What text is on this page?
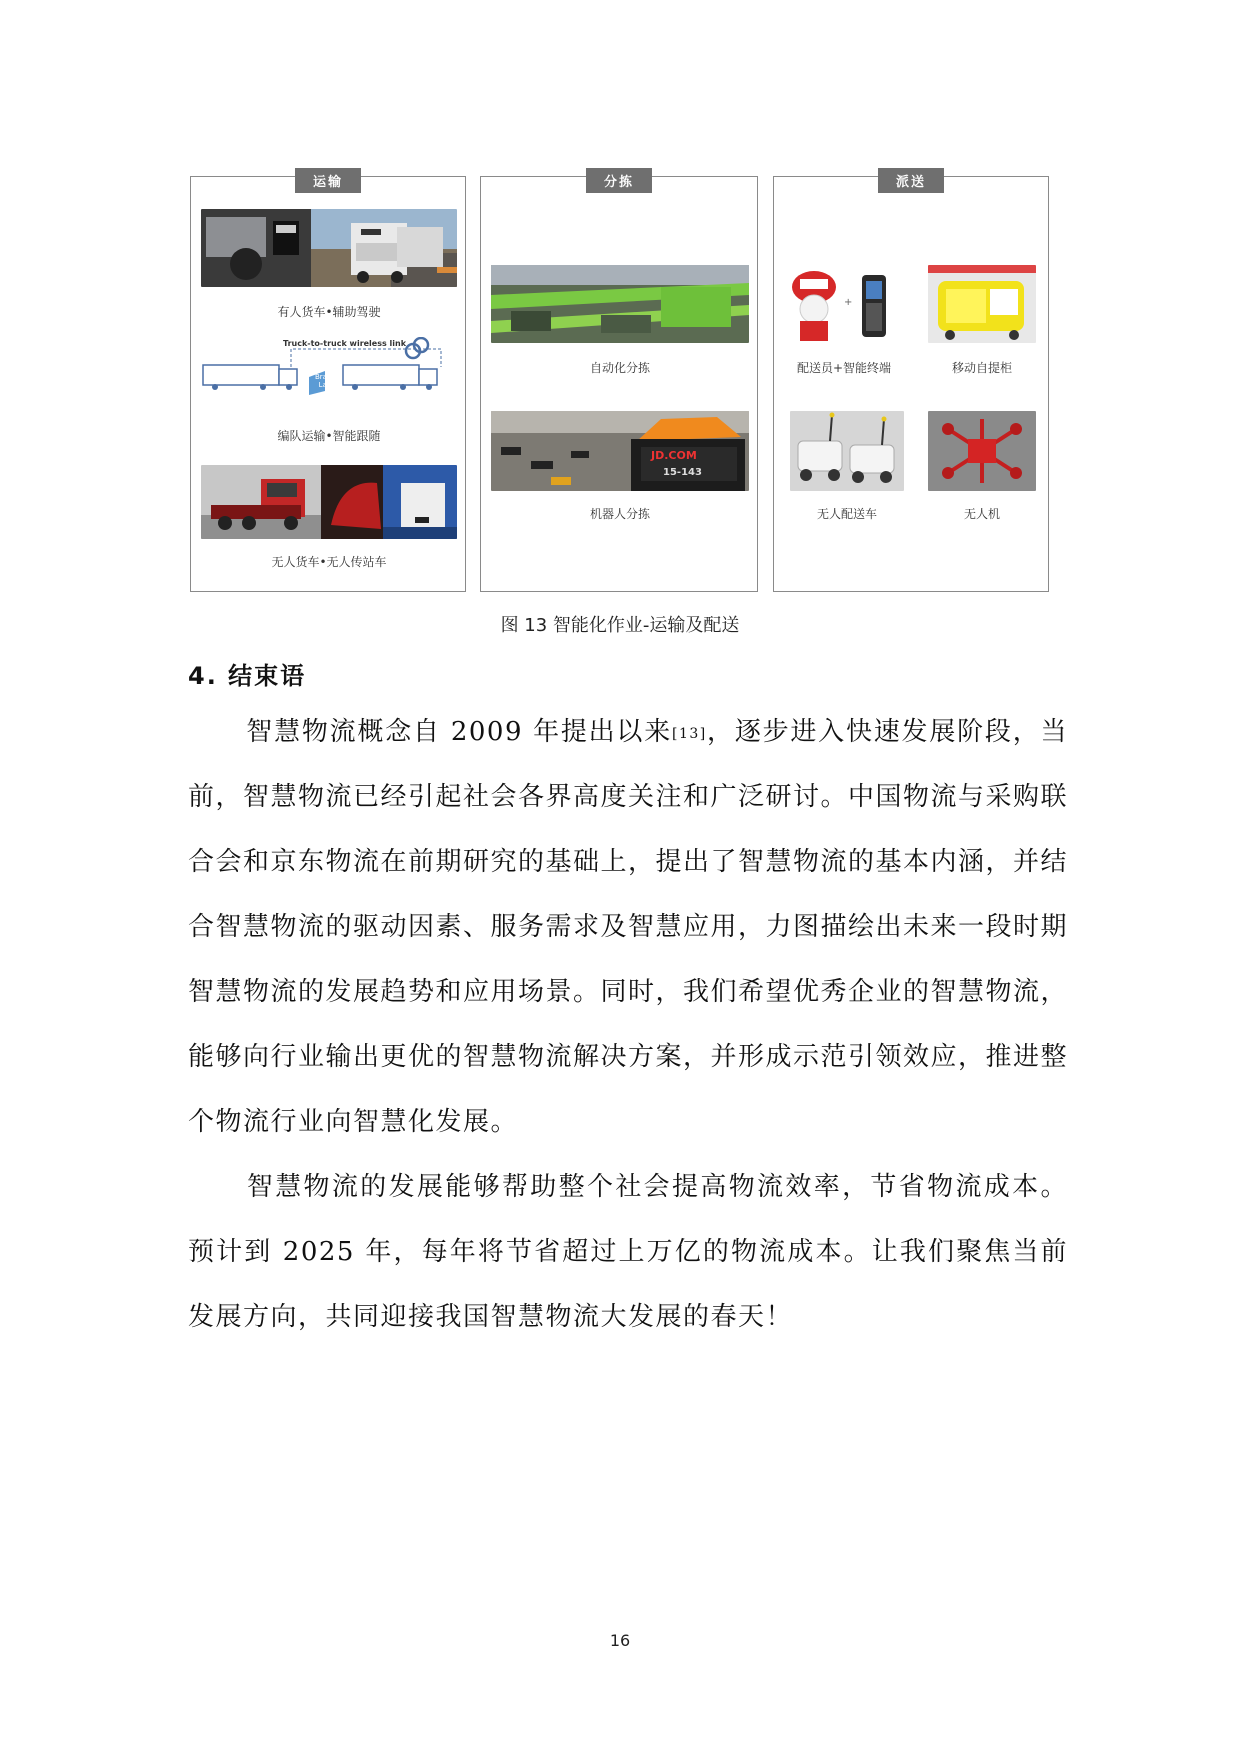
运输
有人货车•辅助驾驶
Truck-to-truck wireless link
Brake Lag
编队运输•智能跟随
无人货车•无人传站车
分拣
自动化分拣
JD.COM
15-143
机器人分拣
派送
+
配送员+智能终端	移动自提柜
无人配送车	无人机
图 13 智能化作业-运输及配送
4. 结束语
智慧物流概念自 2009 年提出以来[13]，逐步进入快速发展阶段，当前，智慧物流已经引起社会各界高度关注和广泛研讨。中国物流与采购联合会和京东物流在前期研究的基础上，提出了智慧物流的基本内涵，并结合智慧物流的驱动因素、服务需求及智慧应用，力图描绘出未来一段时期智慧物流的发展趋势和应用场景。同时，我们希望优秀企业的智慧物流，能够向行业输出更优的智慧物流解决方案，并形成示范引领效应，推进整个物流行业向智慧化发展。
智慧物流的发展能够帮助整个社会提高物流效率，节省物流成本。预计到 2025 年，每年将节省超过上万亿的物流成本。让我们聚焦当前发展方向，共同迎接我国智慧物流大发展的春天！
16
